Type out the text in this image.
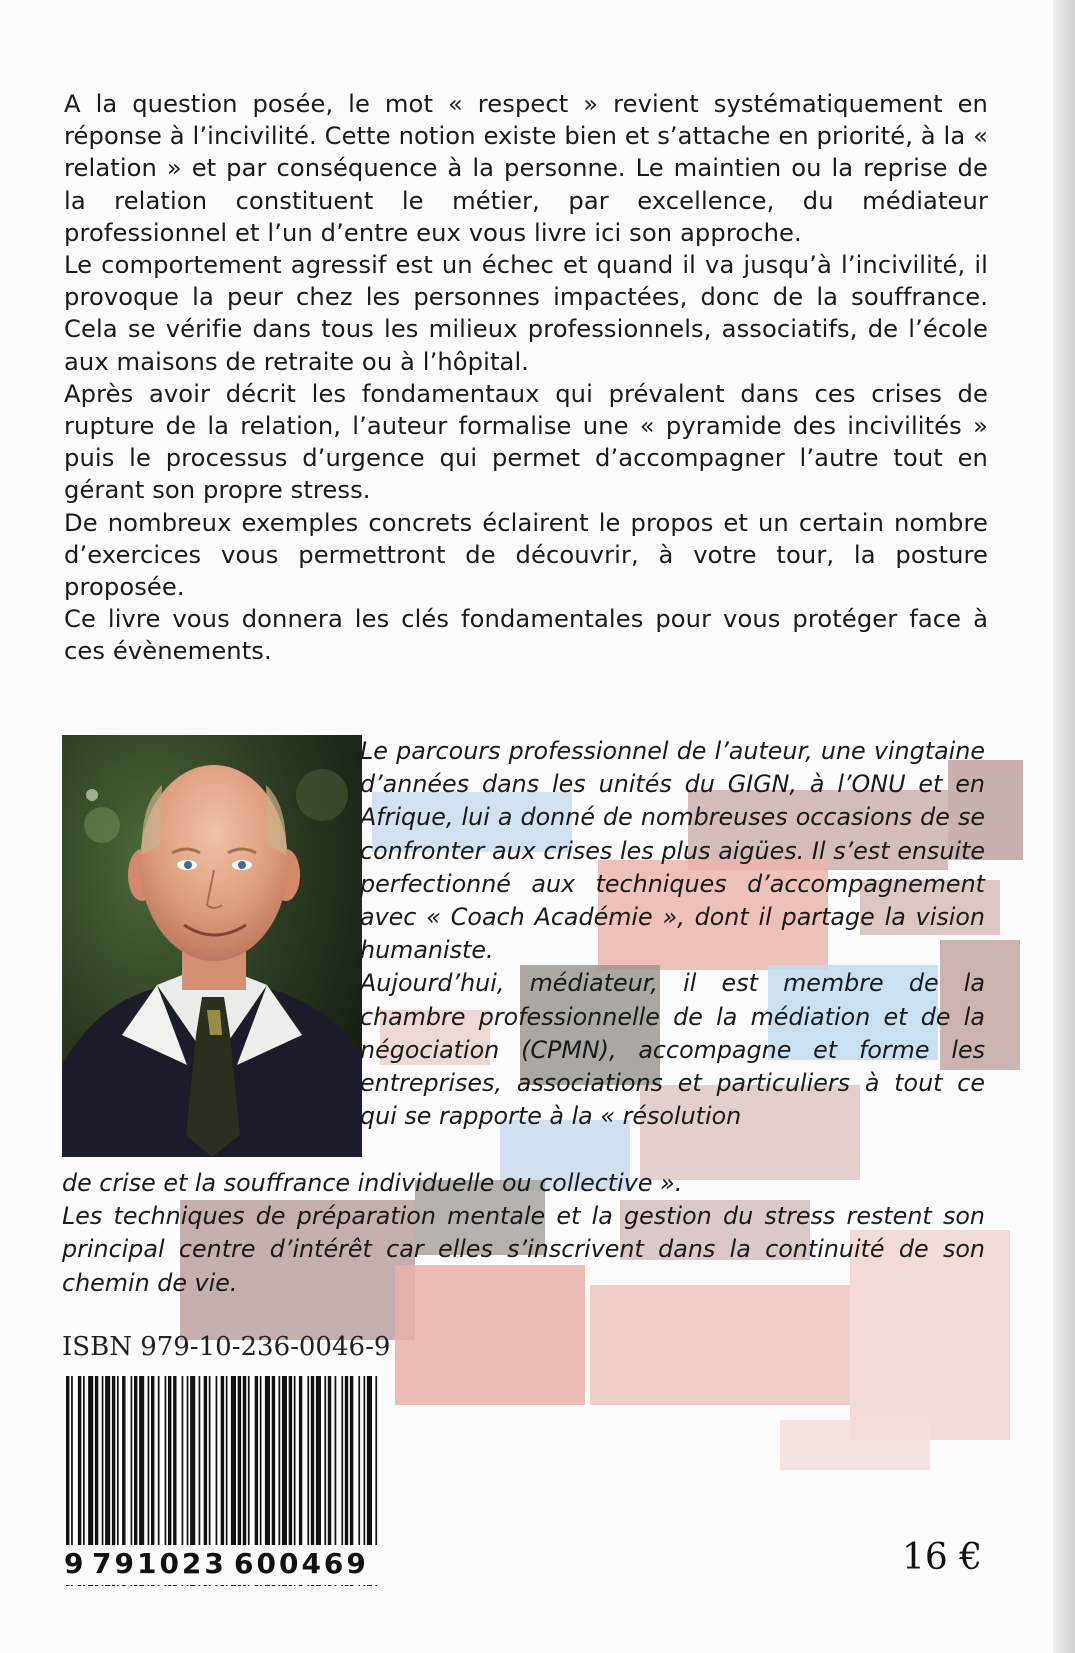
A la question posée, le mot « respect » revient systématiquement en réponse à l’incivilité. Cette notion existe bien et s’attache en priorité, à la « relation » et par conséquence à la personne. Le maintien ou la reprise de la relation constituent le métier, par excellence, du médiateur professionnel et l’un d’entre eux vous livre ici son approche.

Le comportement agressif est un échec et quand il va jusqu’à l’incivilité, il provoque la peur chez les personnes impactées, donc de la souffrance. Cela se vérifie dans tous les milieux professionnels, associatifs, de l’école aux maisons de retraite ou à l’hôpital.

Après avoir décrit les fondamentaux qui prévalent dans ces crises de rupture de la relation, l’auteur formalise une « pyramide des incivilités » puis le processus d’urgence qui permet d’accompagner l’autre tout en gérant son propre stress.

De nombreux exemples concrets éclairent le propos et un certain nombre d’exercices vous permettront de découvrir, à votre tour, la posture proposée.

Ce livre vous donnera les clés fondamentales pour vous protéger face à ces évènements.

Le parcours professionnel de l’auteur, une vingtaine d’années dans les unités du GIGN, à l’ONU et en Afrique, lui a donné de nombreuses occasions de se confronter aux crises les plus aigües. Il s’est ensuite perfectionné aux techniques d’accompagnement avec « Coach Académie », dont il partage la vision humaniste.

Aujourd’hui, médiateur, il est membre de la chambre professionnelle de la médiation et de la négociation (CPMN), accompagne et forme les entreprises, associations et particuliers à tout ce qui se rapporte à la « résolution

de crise et la souffrance individuelle ou collective ».

Les techniques de préparation mentale et la gestion du stress restent son principal centre d’intérêt car elles s’inscrivent dans la continuité de son chemin de vie.

ISBN 979-10-236-0046-9
9 791023 600469	16 €
